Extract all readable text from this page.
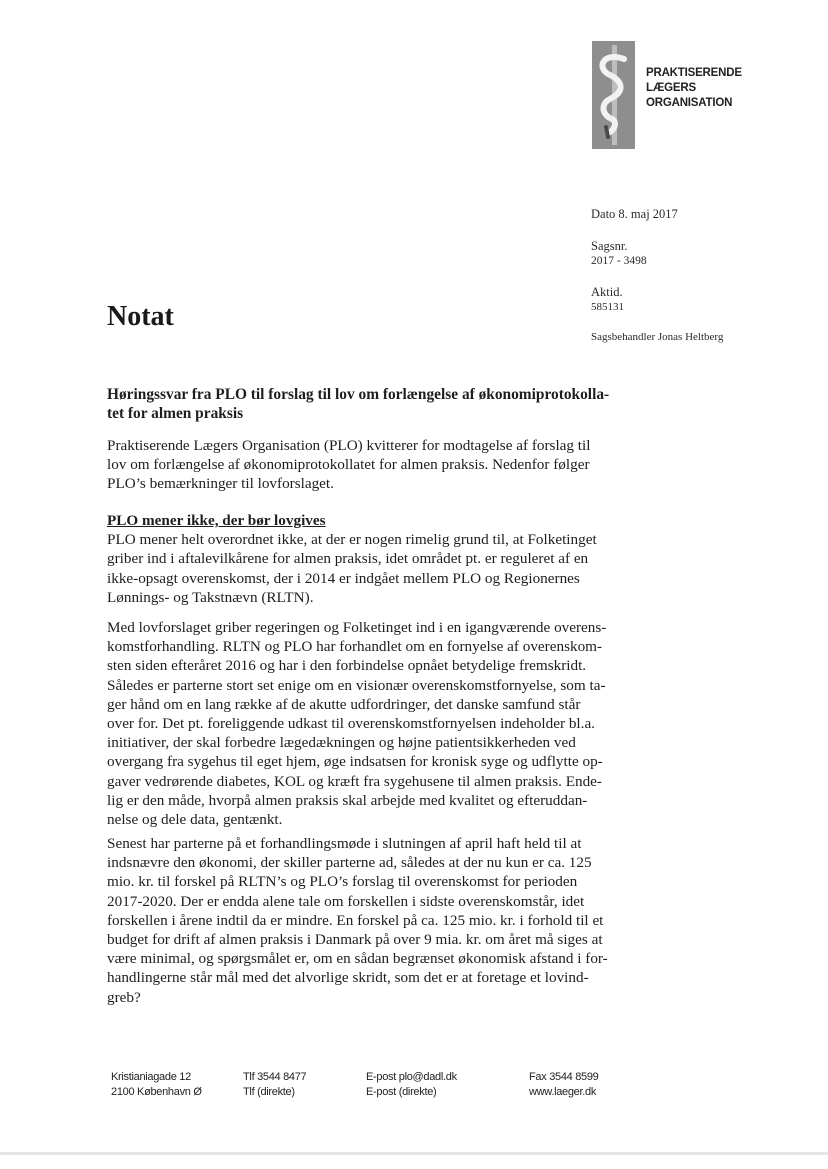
PRAKTISERENDE
LÆGERS
ORGANISATION
Dato 8. maj 2017
Sagsnr.
2017 - 3498
Aktid.
585131
Sagsbehandler Jonas Heltberg
Notat
Høringssvar fra PLO til forslag til lov om forlængelse af økonomiprotokolla-
tet for almen praksis
Praktiserende Lægers Organisation (PLO) kvitterer for modtagelse af forslag til
lov om forlængelse af økonomiprotokollatet for almen praksis. Nedenfor følger
PLO’s bemærkninger til lovforslaget.
PLO mener ikke, der bør lovgives
PLO mener helt overordnet ikke, at der er nogen rimelig grund til, at Folketinget
griber ind i aftalevilkårene for almen praksis, idet området pt. er reguleret af en
ikke-opsagt overenskomst, der i 2014 er indgået mellem PLO og Regionernes
Lønnings- og Takstnævn (RLTN).
Med lovforslaget griber regeringen og Folketinget ind i en igangværende overens-
komstforhandling. RLTN og PLO har forhandlet om en fornyelse af overenskom-
sten siden efteråret 2016 og har i den forbindelse opnået betydelige fremskridt.
Således er parterne stort set enige om en visionær overenskomstfornyelse, som ta-
ger hånd om en lang række af de akutte udfordringer, det danske samfund står
over for. Det pt. foreliggende udkast til overenskomstfornyelsen indeholder bl.a.
initiativer, der skal forbedre lægedækningen og højne patientsikkerheden ved
overgang fra sygehus til eget hjem, øge indsatsen for kronisk syge og udflytte op-
gaver vedrørende diabetes, KOL og kræft fra sygehusene til almen praksis. Ende-
lig er den måde, hvorpå almen praksis skal arbejde med kvalitet og efteruddan-
nelse og dele data, gentænkt.
Senest har parterne på et forhandlingsmøde i slutningen af april haft held til at
indsnævre den økonomi, der skiller parterne ad, således at der nu kun er ca. 125
mio. kr. til forskel på RLTN’s og PLO’s forslag til overenskomst for perioden
2017-2020. Der er endda alene tale om forskellen i sidste overenskomstår, idet
forskellen i årene indtil da er mindre. En forskel på ca. 125 mio. kr. i forhold til et
budget for drift af almen praksis i Danmark på over 9 mia. kr. om året må siges at
være minimal, og spørgsmålet er, om en sådan begrænset økonomisk afstand i for-
handlingerne står mål med det alvorlige skridt, som det er at foretage et lovind-
greb?
Kristianiagade 12
2100 København Ø
Tlf 3544 8477
Tlf (direkte)
E-post plo@dadl.dk
E-post (direkte)
Fax 3544 8599
www.laeger.dk
